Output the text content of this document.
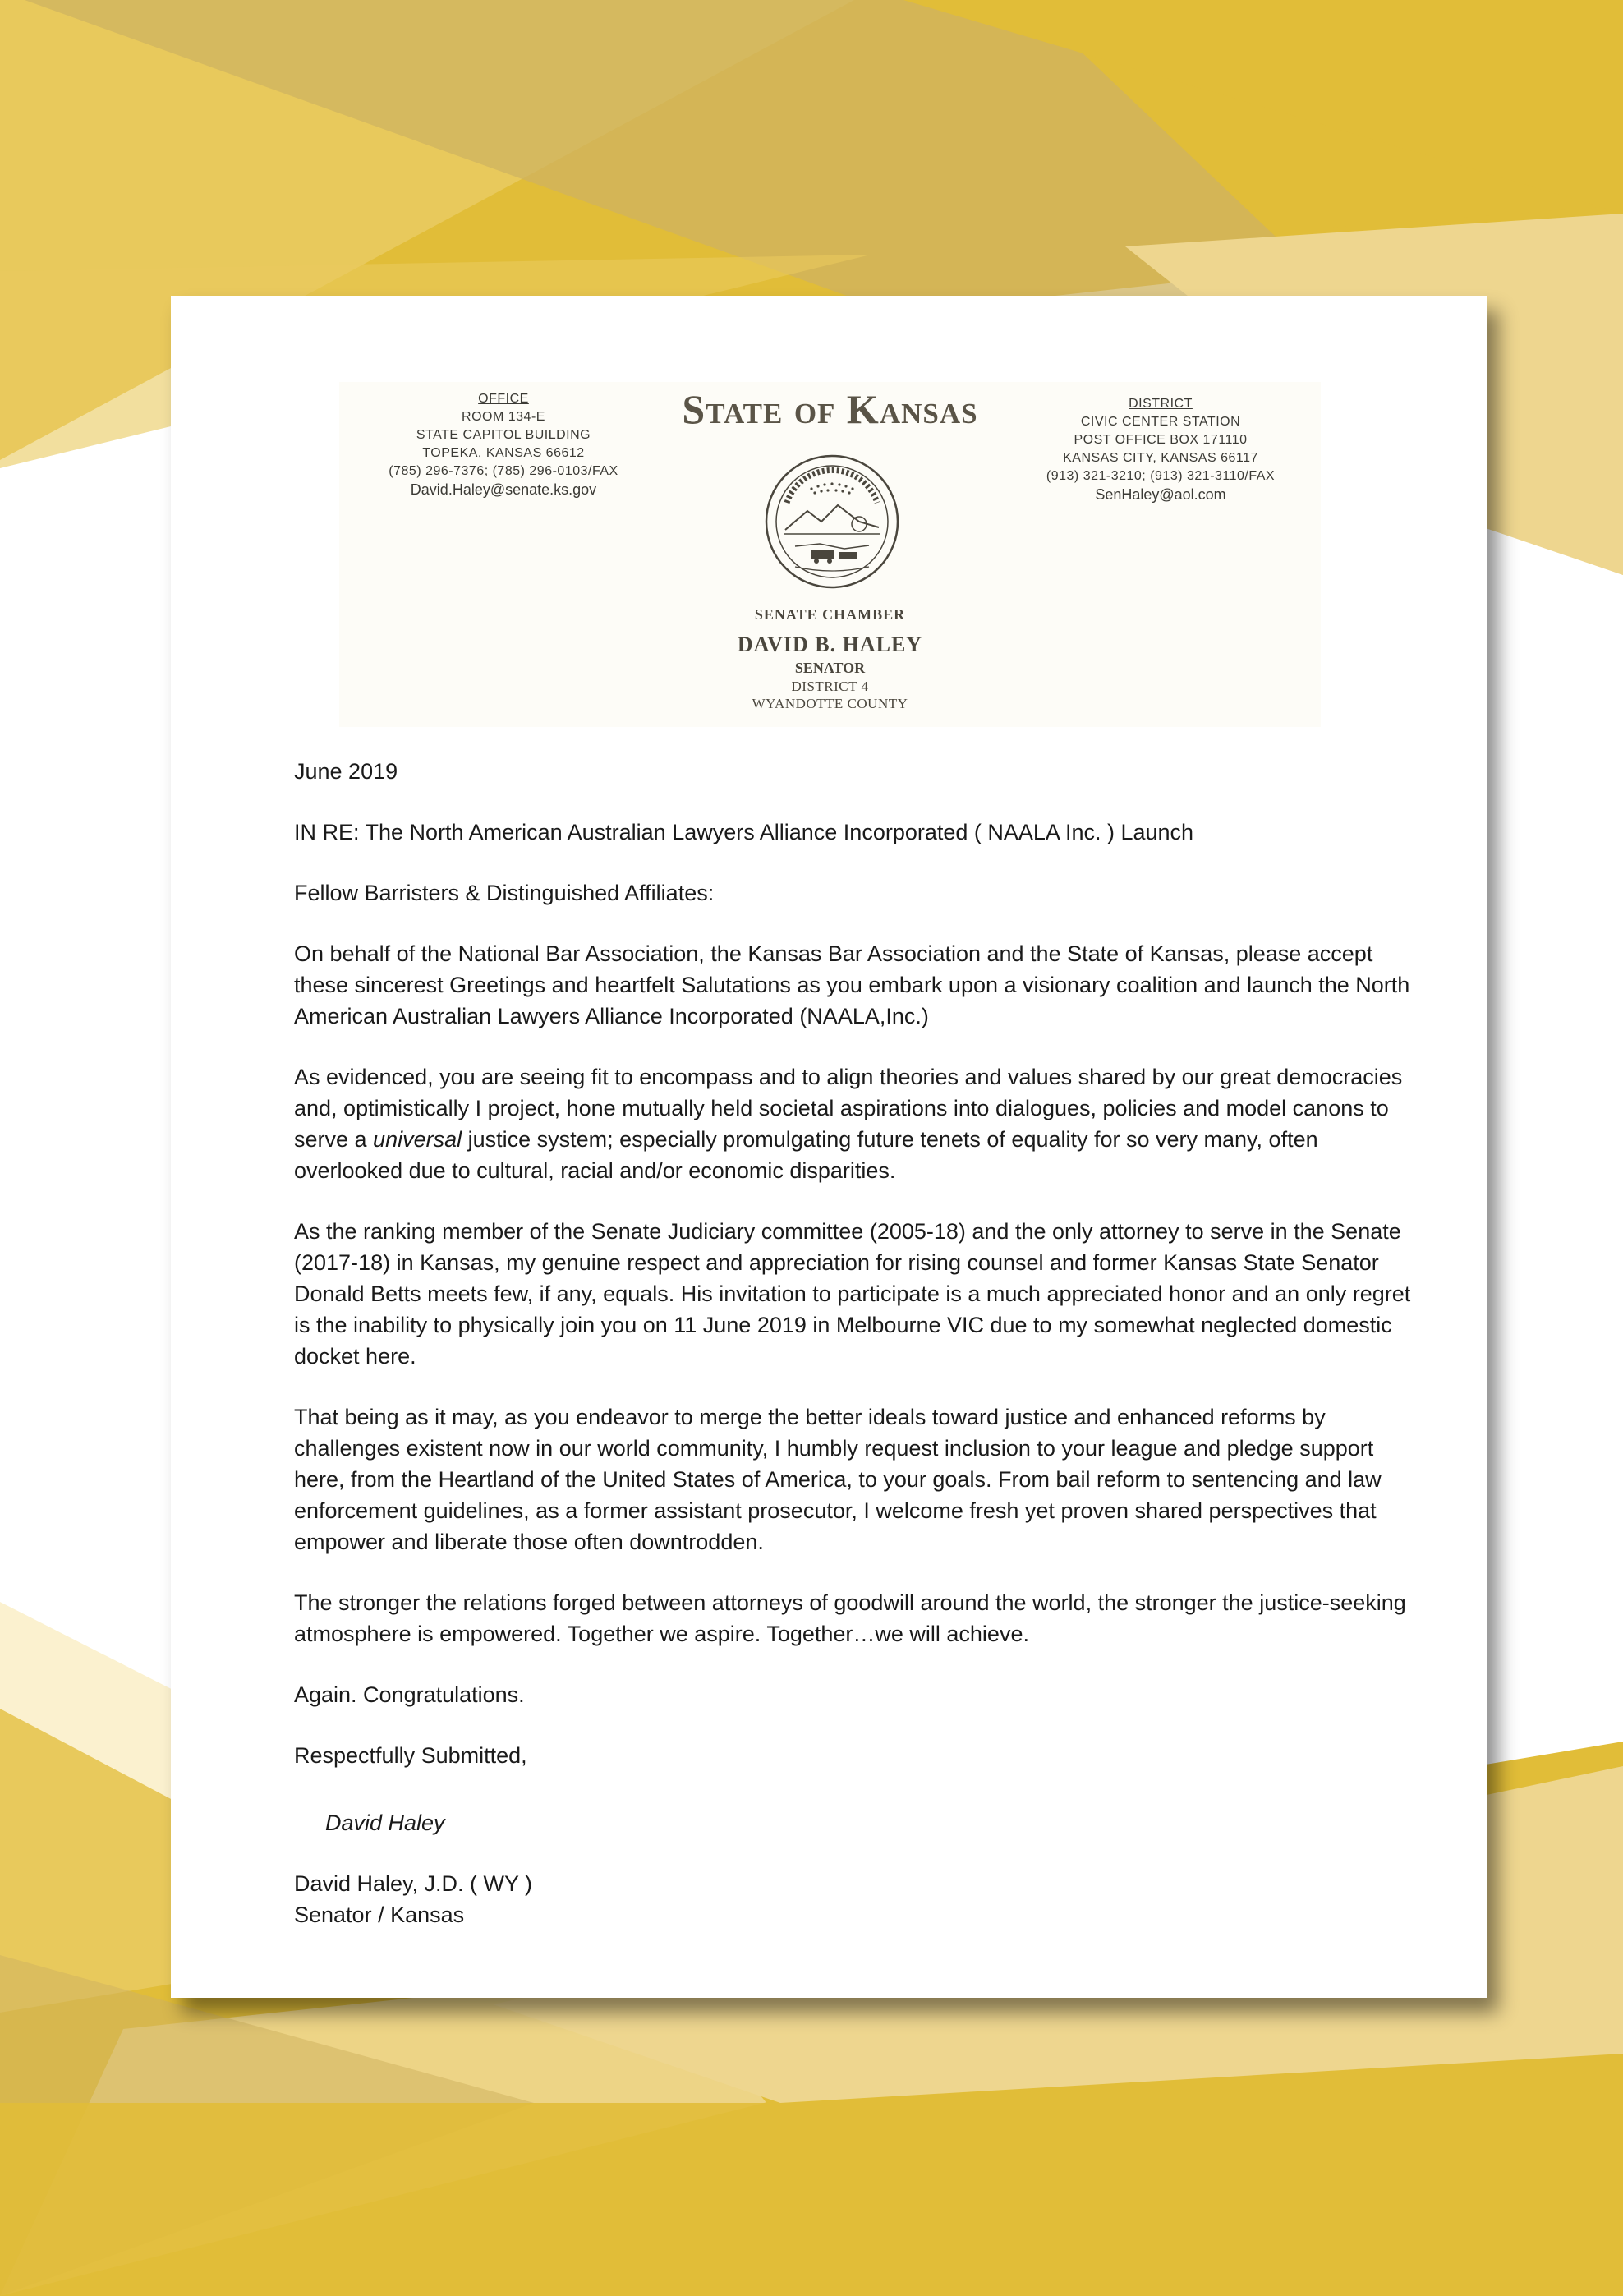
OFFICE
ROOM 134-E
STATE CAPITOL BUILDING
TOPEKA, KANSAS 66612
(785) 296-7376; (785) 296-0103/FAX
David.Haley@senate.ks.gov
State of Kansas
SENATE CHAMBER
DAVID B. HALEY
SENATOR
DISTRICT 4
WYANDOTTE COUNTY
DISTRICT
CIVIC CENTER STATION
POST OFFICE BOX 171110
KANSAS CITY, KANSAS 66117
(913) 321-3210; (913) 321-3110/FAX
SenHaley@aol.com

June 2019

IN RE: The North American Australian Lawyers Alliance Incorporated ( NAALA Inc. ) Launch

Fellow Barristers & Distinguished Affiliates:

On behalf of the National Bar Association, the Kansas Bar Association and the State of Kansas, please accept these sincerest Greetings and heartfelt Salutations as you embark upon a visionary coalition and launch the North American Australian Lawyers Alliance Incorporated (NAALA,Inc.)

As evidenced, you are seeing fit to encompass and to align theories and values shared by our great democracies and, optimistically I project, hone mutually held societal aspirations into dialogues, policies and model canons to serve a universal justice system; especially promulgating future tenets of equality for so very many, often overlooked due to cultural, racial and/or economic disparities.

As the ranking member of the Senate Judiciary committee (2005-18) and the only attorney to serve in the Senate (2017-18) in Kansas, my genuine respect and appreciation for rising counsel and former Kansas State Senator Donald Betts meets few, if any, equals. His invitation to participate is a much appreciated honor and an only regret is the inability to physically join you on 11 June 2019 in Melbourne VIC due to my somewhat neglected domestic docket here.

That being as it may, as you endeavor to merge the better ideals toward justice and enhanced reforms by challenges existent now in our world community, I humbly request inclusion to your league and pledge support here, from the Heartland of the United States of America, to your goals. From bail reform to sentencing and law enforcement guidelines, as a former assistant prosecutor, I welcome fresh yet proven shared perspectives that empower and liberate those often downtrodden.

The stronger the relations forged between attorneys of goodwill around the world, the stronger the justice-seeking atmosphere is empowered. Together we aspire. Together…we will achieve.

Again. Congratulations.

Respectfully Submitted,

David Haley

David Haley, J.D. ( WY )
Senator / Kansas
